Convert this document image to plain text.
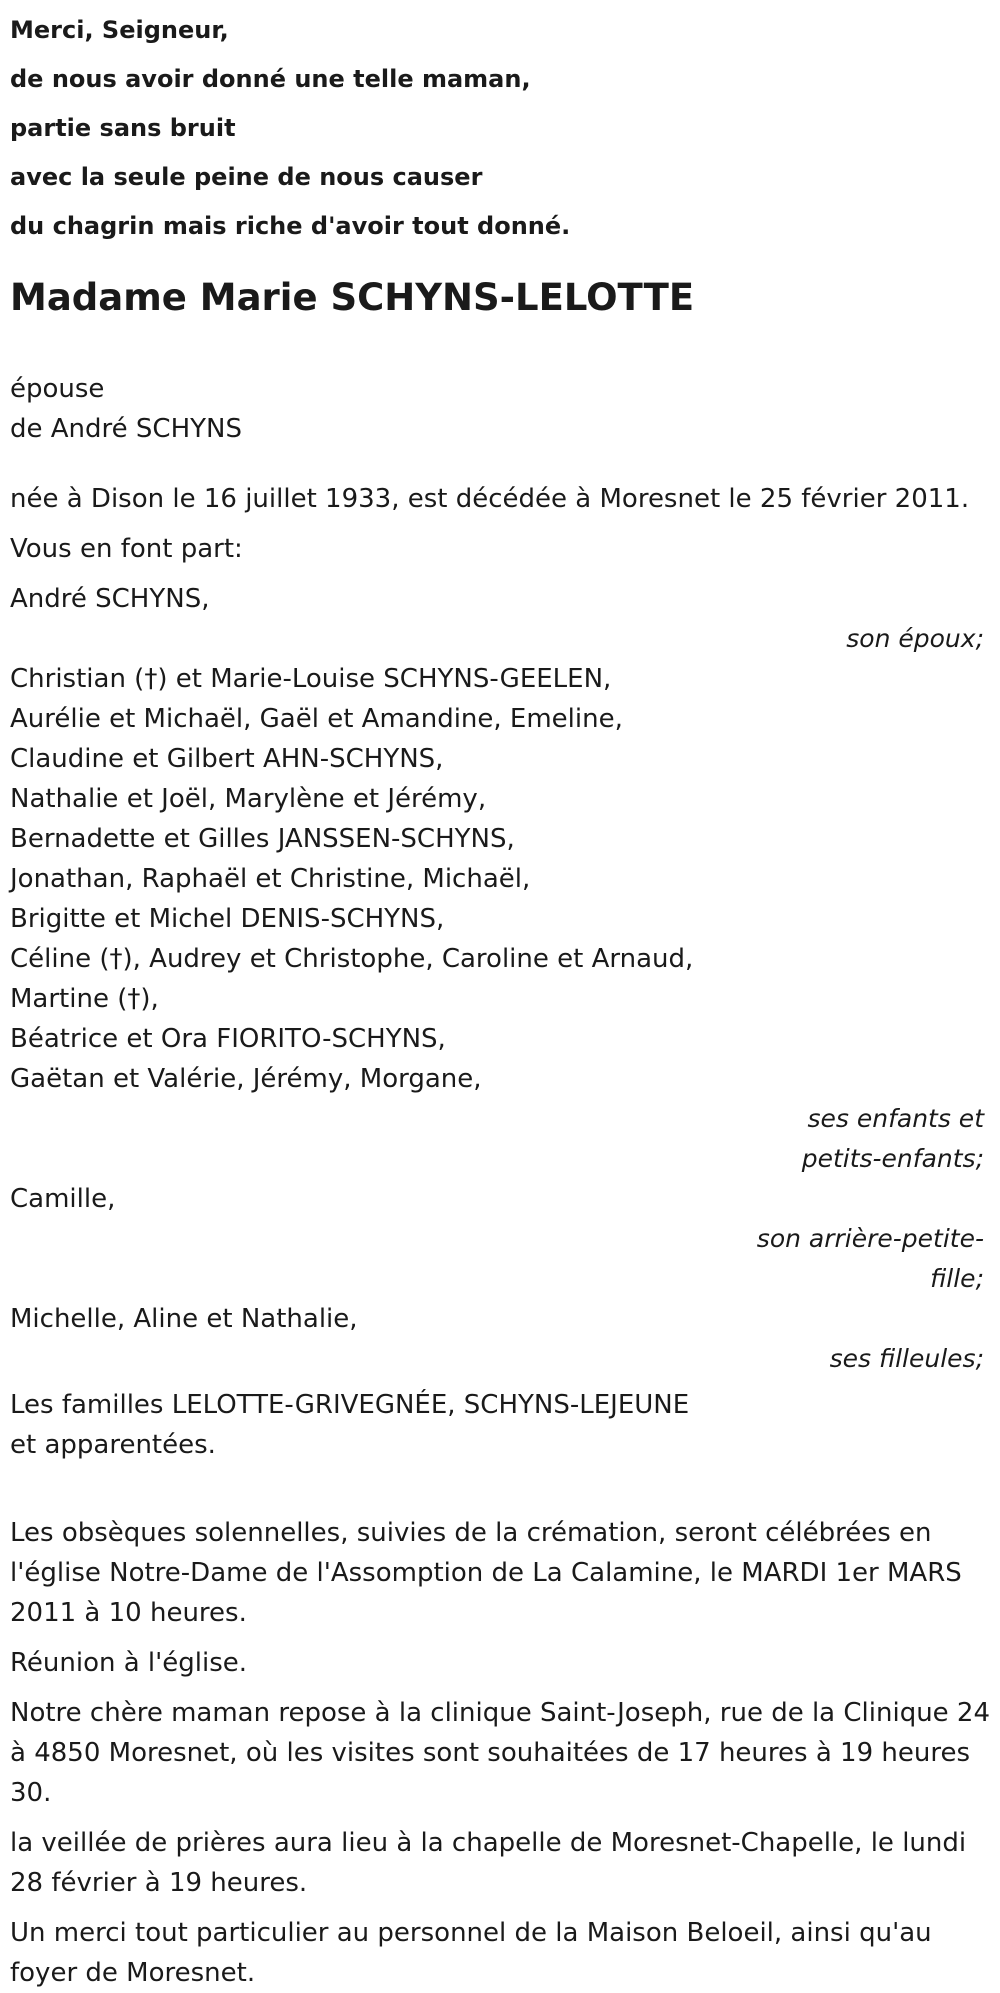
Merci, Seigneur,
de nous avoir donné une telle maman,
partie sans bruit
avec la seule peine de nous causer
du chagrin mais riche d'avoir tout donné.
Madame Marie SCHYNS-LELOTTE
épouse
de André SCHYNS
née à Dison le 16 juillet 1933, est décédée à Moresnet le 25 février 2011.
Vous en font part:
André SCHYNS,
son époux;
Christian (†) et Marie-Louise SCHYNS-GEELEN,
Aurélie et Michaël, Gaël et Amandine, Emeline,
Claudine et Gilbert AHN-SCHYNS,
Nathalie et Joël, Marylène et Jérémy,
Bernadette et Gilles JANSSEN-SCHYNS,
Jonathan, Raphaël et Christine, Michaël,
Brigitte et Michel DENIS-SCHYNS,
Céline (†), Audrey et Christophe, Caroline et Arnaud,
Martine (†),
Béatrice et Ora FIORITO-SCHYNS,
Gaëtan et Valérie, Jérémy, Morgane,
ses enfants et
petits-enfants;
Camille,
son arrière-petite-
fille;
Michelle, Aline et Nathalie,
ses filleules;
Les familles LELOTTE-GRIVEGNÉE, SCHYNS-LEJEUNE
et apparentées.
Les obsèques solennelles, suivies de la crémation, seront célébrées en l'église Notre-Dame de l'Assomption de La Calamine, le MARDI 1er MARS 2011 à 10 heures.
Réunion à l'église.
Notre chère maman repose à la clinique Saint-Joseph, rue de la Clinique 24 à 4850 Moresnet, où les visites sont souhaitées de 17 heures à 19 heures 30.
la veillée de prières aura lieu à la chapelle de Moresnet-Chapelle, le lundi 28 février à 19 heures.
Un merci tout particulier au personnel de la Maison Beloeil, ainsi qu'au foyer de Moresnet.
